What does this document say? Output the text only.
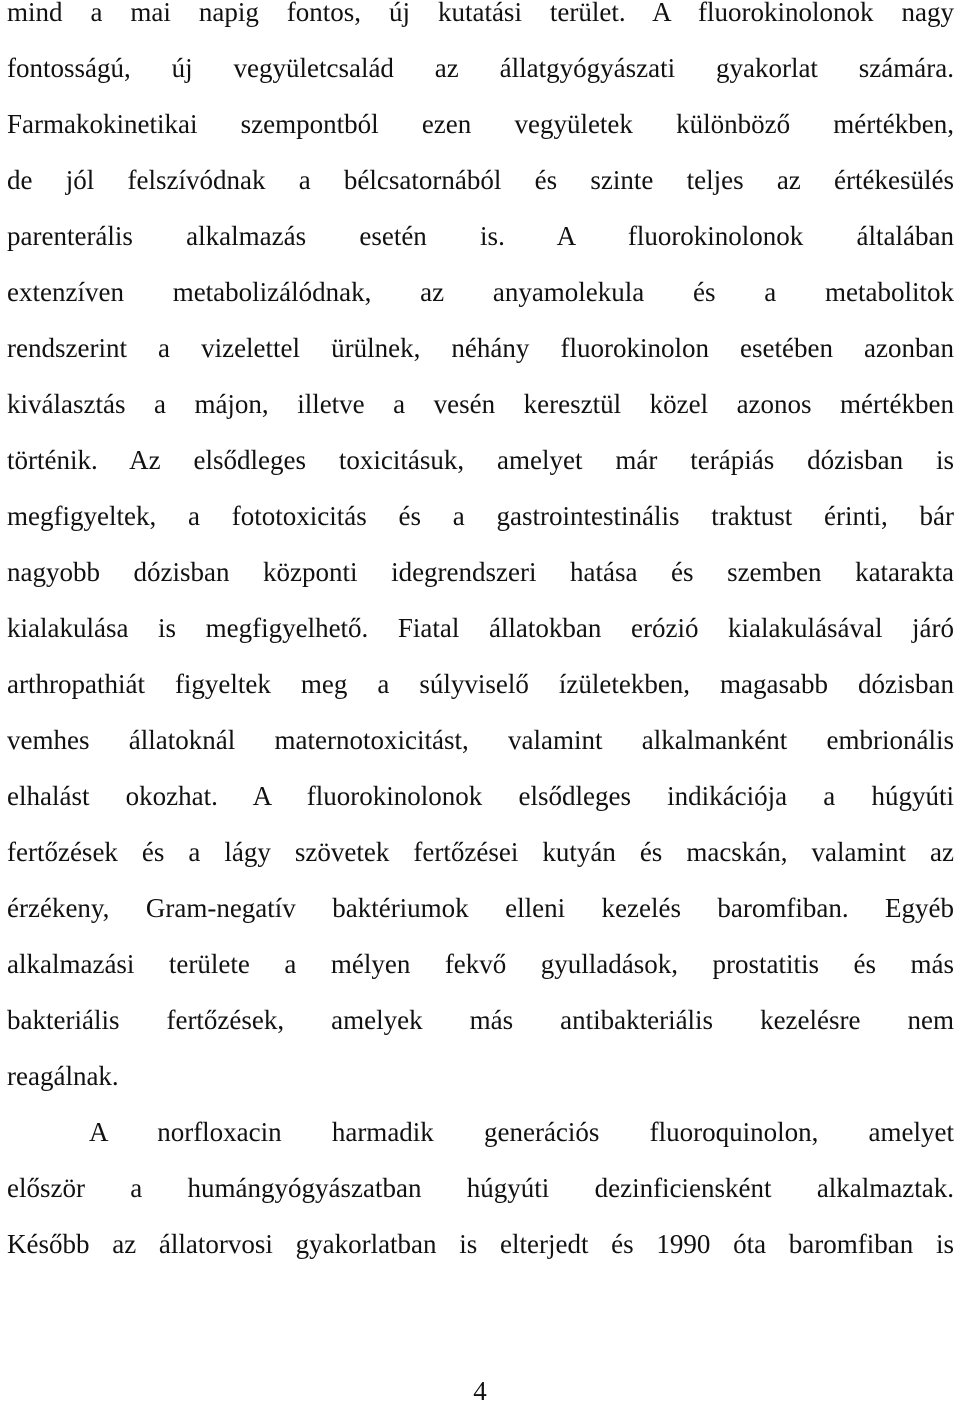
mind a mai napig fontos, új kutatási terület. A fluorokinolonok nagy
fontosságú, új vegyületcsalád az állatgyógyászati gyakorlat számára.
Farmakokinetikai szempontból ezen vegyületek különböző mértékben,
de jól felszívódnak a bélcsatornából és szinte teljes az értékesülés
parenterális alkalmazás esetén is. A fluorokinolonok általában
extenzíven metabolizálódnak, az anyamolekula és a metabolitok
rendszerint a vizelettel ürülnek, néhány fluorokinolon esetében azonban
kiválasztás a májon, illetve a vesén keresztül közel azonos mértékben
történik. Az elsődleges toxicitásuk, amelyet már terápiás dózisban is
megfigyeltek, a fototoxicitás és a gastrointestinális traktust érinti, bár
nagyobb dózisban központi idegrendszeri hatása és szemben katarakta
kialakulása is megfigyelhető. Fiatal állatokban erózió kialakulásával járó
arthropathiát figyeltek meg a súlyviselő ízületekben, magasabb dózisban
vemhes állatoknál maternotoxicitást, valamint alkalmanként embrionális
elhalást okozhat. A fluorokinolonok elsődleges indikációja a húgyúti
fertőzések és a lágy szövetek fertőzései kutyán és macskán, valamint az
érzékeny, Gram-negatív baktériumok elleni kezelés baromfiban. Egyéb
alkalmazási területe a mélyen fekvő gyulladások, prostatitis és más
bakteriális fertőzések, amelyek más antibakteriális kezelésre nem
reagálnak.
A norfloxacin harmadik generációs fluoroquinolon, amelyet
először a humángyógyászatban húgyúti dezinficiensként alkalmaztak.
Később az állatorvosi gyakorlatban is elterjedt és 1990 óta baromfiban is
4
